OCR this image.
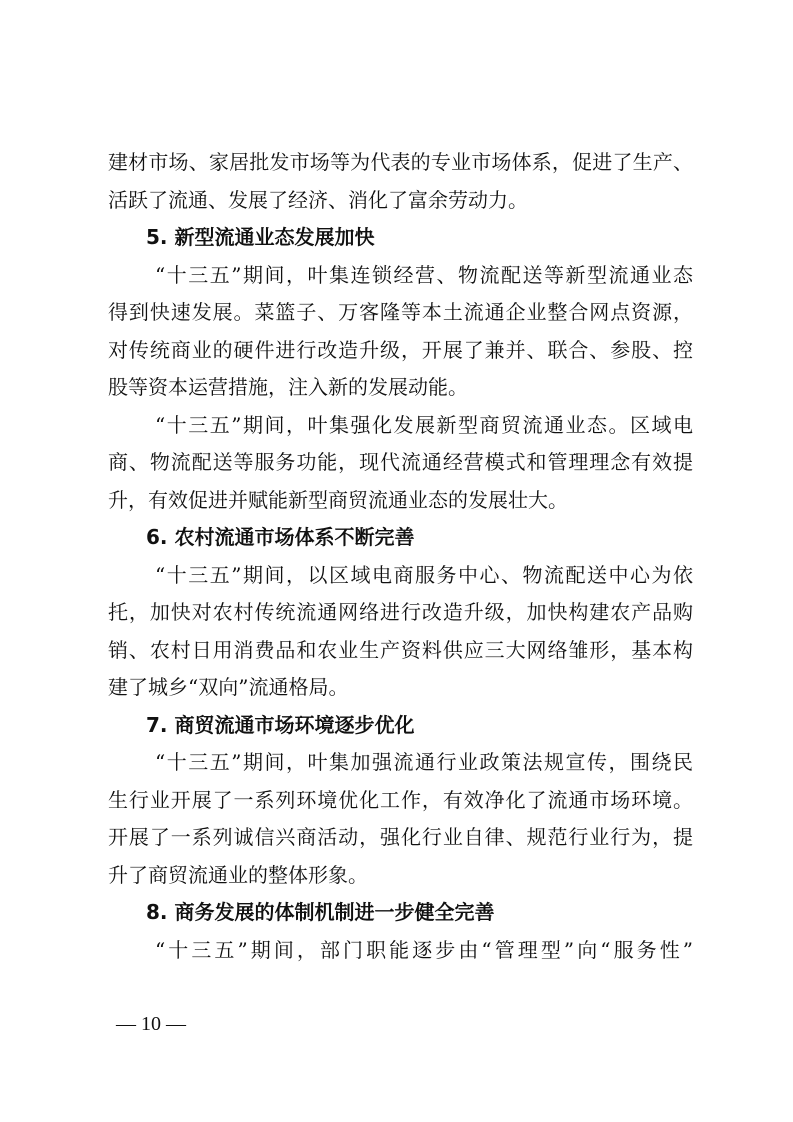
建材市场、家居批发市场等为代表的专业市场体系，促进了生产、
活跃了流通、发展了经济、消化了富余劳动力。
5. 新型流通业态发展加快
“十三五”期间，叶集连锁经营、物流配送等新型流通业态
得到快速发展。菜篮子、万客隆等本土流通企业整合网点资源，
对传统商业的硬件进行改造升级，开展了兼并、联合、参股、控
股等资本运营措施，注入新的发展动能。
“十三五”期间，叶集强化发展新型商贸流通业态。区域电
商、物流配送等服务功能，现代流通经营模式和管理理念有效提
升，有效促进并赋能新型商贸流通业态的发展壮大。
6. 农村流通市场体系不断完善
“十三五”期间，以区域电商服务中心、物流配送中心为依
托，加快对农村传统流通网络进行改造升级，加快构建农产品购
销、农村日用消费品和农业生产资料供应三大网络雏形，基本构
建了城乡“双向”流通格局。
7. 商贸流通市场环境逐步优化
“十三五”期间，叶集加强流通行业政策法规宣传，围绕民
生行业开展了一系列环境优化工作，有效净化了流通市场环境。
开展了一系列诚信兴商活动，强化行业自律、规范行业行为，提
升了商贸流通业的整体形象。
8. 商务发展的体制机制进一步健全完善
“十三五”期间，部门职能逐步由“管理型”向“服务性”
— 10 —
